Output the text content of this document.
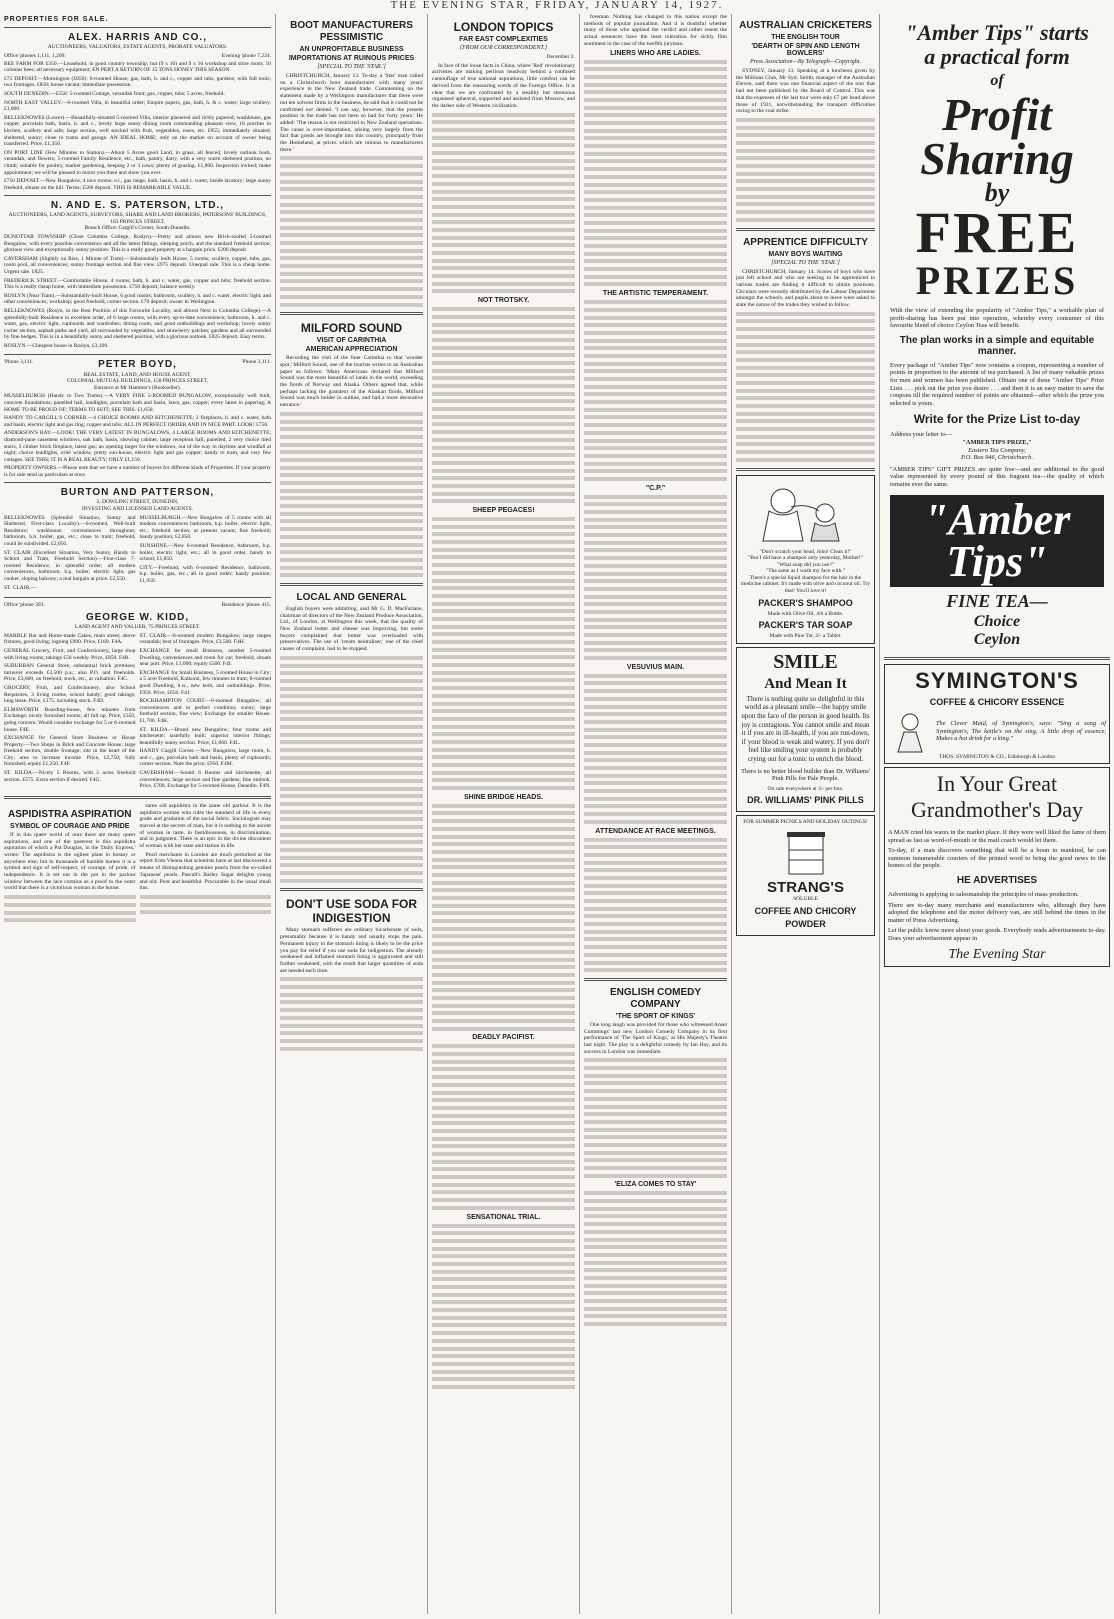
THE EVENING STAR, FRIDAY, JANUARY 14, 1927.
PROPERTIES FOR SALE.
ALEX. HARRIS AND CO.,
AUCTIONEERS, VALUATORS, ESTATE AGENTS, PROBATE VALUATORS.
Office 'phones 1,111, 1,200.	Evening 'phone 7,224.
BEE FARM FOR £350.—Leasehold, in good country township; hut (9 x 10) and 9 x 16 workshop and store room; 50 colonies bees; all necessary equipment; EN PERT A RETURN OF 15 TONS HONEY THIS SEASON.
£75 DEPOSIT.—Mornington (£850): 6-roomed House; gas, bath, h. and c., copper and tubs; gardens; with full tools; two frontages. £850; house vacant; immediate possession.
SOUTH DUNEDIN.—£550: 5-roomed Cottage, verandah front; gas, copper, tubs; 5 acres, freehold.
NORTH EAST VALLEY.—6-roomed Villa, in beautiful order; Empire papers, gas, bath, h. & c. water; large scullery. £1,000.
BELLEKNOWES (Lower).—Beautifully-situated 5-roomed Villa, interior plastered and richly papered; washhouse, gas copper, porcelain bath, basin, h. and c., lovely large sunny dining room commanding pleasant view, 16 porches in kitchen, scullery and safe; large section, well stocked with fruit, vegetables, roses, etc. £955; immediately situated, sheltered, sunny; close to trams and garage. AN IDEAL HOME; only on the market on account of owner being transferred. Price, £1,350.
ON PORT LINE (Few Minutes to Station).—About 5 Acres good Land, in grass, all fenced, lovely outlook bush, verandah, and flowers; 5-roomed Family Residence, etc., bath, pantry, dairy, with a very warm sheltered position, no climb; suitable for poultry, market gardening, keeping 2 or 3 cows; plenty of grazing. £1,800. Inspection invited; make appointment; we will be pleased to motor you there and show you over.
£750 DEPOSIT.—New Bungalow, 4 nice rooms; e.l., gas range, bath, basin, h. and c. water, inside lavatory; large sunny freehold, situate on the hill. Terms; £500 deposit. THIS IS REMARKABLE VALUE.
N. AND E. S. PATERSON, LTD.,
AUCTIONEERS, LAND AGENTS, SURVEYORS, SHARE AND LAND BROKERS, PATERSONS' BUILDINGS, 163 PRINCES STREET.
Branch Office: Cargill's Corner, South Dunedin.
DUNOTTAR TOWNSHIP (Close Columba College, Roslyn).—Pretty and almost new Brick-roofed 5-roomed Bungalow, with every possible convenience and all the latest fittings, sleeping porch, and the standard freehold section; glorious view and exceptionally sunny position. This is a really good property at a bargain price. £200 deposit.
CAVERSHAM (Slightly on Rise, 1 Minute of Tram).—Substantially built House, 5 rooms; scullery, copper, tubs, gas, room pool, all conveniences; sunny frontage section and fine view. £975 deposit. Unequal sale. This is a cheap home. Urgent sale. £825.
FREDERICK STREET.—Comfortable House, 4 rooms; bath, h. and c. water, gas, copper and tubs; freehold section. This is a really cheap home, with immediate possession. £750 deposit; balance weekly.
ROSLYN (Near Tram).—Substantially-built House, 6 good rooms; bathroom, scullery, h. and c. water, electric light, and other conveniences; workshop; good freehold, corner section. £70 deposit; owner in Wellington.
BELLEKNOWES (Rosyn, in the Best Position of this Favourite Locality, and almost Next to Columba College).—A splendidly-built Residence in excellent order, of 6 large rooms, with every up-to-date convenience; bathroom, h. and c. water, gas, electric light, cupboards and wardrobes; dining room, and good outbuildings and workshop; lovely sunny corner section, asphalt paths and yard, all surrounded by vegetables, and strawberry patches; gardens and all surrounded by fine hedges. This is in a beautifully sunny and sheltered position, with a glorious outlook. £825 deposit. Easy terms.
ROSLYN.—Cheapest house in Roslyn, £3,100.
'Phone 3,111.	PETER BOYD,	'Phone 3,111.
REAL ESTATE, LAND, AND HOUSE AGENT,
COLONIAL MUTUAL BUILDINGS, 158 PRINCES STREET,
Entrance at Mr Hammer's (Bookseller).
MUSSELBURGH (Handy to Two Trams).—A VERY FINE 5-ROOMED BUNGALOW, exceptionally well built, concrete foundations; panelled hall, leadlights, porcelain bath and basin, lawn, gas, copper; every latest in papering; A HOME TO BE PROUD OF; TERMS TO SUIT; SEE THIS. £1,650.
HANDY TO CARGILL'S CORNER.—4 CHOICE ROOMS AND KITCHENETTE; 2 fireplaces, h. and c. water, bath and basin, electric light and gas ring; copper and tubs; ALL IN PERFECT ORDER AND IN NICE PART. LOOK! £750.
ANDERSON'S BAY.—LOOK! THE VERY LATEST IN BUNGALOWS, 4 LARGE ROOMS AND KITCHENETTE; diamond-pane casement windows, oak bath, basin, showing cabinet, large reception hall, panelled, 2 very choice tiled stairs, 3 clinker brick fireplace, latest gas; an opening larger for the windows, out of the way in daytime and windfall at night; choice leadlights, oriel window, pretty sun-house, electric light and gas copper; handy to tram, and very few cottages. SEE THIS; IT IS A REAL BEAUTY; ONLY £1,150.
PROPERTY OWNERS.—Please note that we have a number of buyers for different kinds of Properties. If your property is for sale send us particulars at once.
BURTON AND PATTERSON,
2, DOWLING STREET, DUNEDIN,
INVESTING AND LICENSED LAND AGENTS.
BELLEKNOWES (Splendid Situation, Sunny and Sheltered, First-class Locality).—6-roomed, Well-built Residence; washhouse; conveniences throughout; bathroom, h.b. boiler, gas, etc.; close to tram; freehold, could be subdivided. £2,050.
ST. CLAIR (Excellent Situation, Very Sunny, Handy to School and Tram, Freehold Section).—First-class 7-roomed Residence, in splendid order; all modern conveniences, bathroom, h.p. boiler, electric light, gas cooker, sloping balcony; a real bargain at price. £2,550.
ST. CLAIR.—
MUSSELBURGH.—New Bungalow of 5 rooms with all modern conveniences bathroom, h.p. boiler, electric light, etc.; freehold section; at present vacant; fine freehold; handy position; £2,850.
SUNSHINE.—New 6-roomed Residence, bathroom, h.p. boiler, electric light, etc.; all in good order, handy to school; £1,850.
CITY.—Freehold, with 6-roomed Residence, bathroom, h.p. boiler, gas, etc.; all in good order; handy position; £1,950.
Office 'phone 393.	Residence 'phone 415.
GEORGE W. KIDD,
LAND AGENT AND VALUER, 75 PRINCES STREET.
MARBLE Bar and Home-made Cakes, main street; above fixtures, good living; ingoing £900. Price, £160. F4A.
GENERAL Grocery, Fruit, and Confectionery, large shop with living rooms; takings £50 weekly. Price, £850. F4B.
SUBURBAN General Store, substantial brick premises; turnover exceeds £3,500 p.a.; also P.O. and freeholds. Price, £3,600, on freehold; stock, etc., at valuation. F4C.
GROCERY, Fruit, and Confectionery, also School Requisites; 3 living rooms, school handy; good takings; long lease. Price, £175, including stock. F4D.
ELMSWORTH Boarding-house, few minutes from Exchange; nicely furnished rooms; all full up. Price, £350, going concern. Would consider exchange for 5 or 6-roomed house. F4E.
EXCHANGE for General Store Business or House Property.—Two Shops in Brick and Concrete House; large freehold section, double frontage; site in the heart of the City; area to increase income. Price, £2,750; fully furnished; equity £1,250. F4F.
ST. KILDA.—Nicely 5 Rooms, with 5 acres freehold section. £575. Extra section if desired. F4G.
ST. CLAIR.—6-roomed modern Bungalow; large ranges verandah; best of frontages. Price, £3,500. F4H.
EXCHANGE for small Business, another 5-roomed Dwelling, conveniences and room for car; freehold, situate near port. Price, £1,000; equity £500. F4I.
EXCHANGE for Small Business, 5 roomed House in City; a 5 acre Freehold, Kaikorai, few minutes to tram; 6-roomed good Dwelling, h.w., new kerb, and outbuildings. Price, £950. Price, £650. F4J.
ROCKHAMPTON COURT.—6-roomed Bungalow; all conveniences and in perfect condition; sunny; large freehold section, fine view; Exchange for smaller House. £1,700. F4K.
ST. KILDA.—Brand new Bungalow; four rooms and kitchenette; tastefully built; superior interior fittings; beautifully sunny section. Price, £1,060. F4L.
HANDY Cargill Corner.—New Bungalow, large room, h. and c., gas, porcelain bath and basin, plenty of cupboards; corner section. Note the price, £950. F4M.
CAVERSHAM.—Sound 6 Rooms and kitchenette, all conveniences; large section and fine gardens; fine outlook. Price, £700. Exchange for 5-roomed House, Dunedin. F4N.
ASPIDISTRA ASPIRATION
SYMBOL OF COURAGE AND PRIDE
If in this queer world of ours there are many queer aspirations, and one of the queerest is this aspidistra aspiration of which a Pat Douglas, in the 'Daily Express,' writes: The aspidistra is the ugliest plant in botany or anywhere else; but in thousands of humble homes it is a symbol and sign of self-respect, of courage, of pride, of independence. It is set out in the pot in the parlour window between the lace curtains as a proof to the outer world that there is a victorious woman in the house.
same old aspidistra in the same old parlour. It is the aspidistra woman who rides the standard of life in every grade and gradation of the social fabric. Sociologists may marvel at the secrets of man, but it is nothing to the ascent of woman in taste, in fastidiousness, in discrimination, and in judgment. There is an epic in the divine discontent of woman with her state and station in life.
Pearl merchants in London are much perturbed at the report from Vienna that scientists have at last discovered a means of distinguishing genuine pearls from the so-called 'Japanese' pearls. Pascall's Barley Sugar delights young and old. Pure and healthful. Procurable in the usual small tins.
BOOT MANUFACTURERS PESSIMISTIC
AN UNPROFITABLE BUSINESS
IMPORTATIONS AT RUINOUS PRICES
[SPECIAL TO THE 'STAR.']
CHRISTCHURCH, January 13. To-day a 'Star' man called on a Christchurch boot manufacturer with many years' experience in the New Zealand trade. Commenting on the statement made by a Wellington manufacturer that there were not ten solvent firms in the business, he said that it could not be confirmed nor denied. 'I can say, however, that the present position in the trade has not been so bad for forty years.' He added: 'The reason is not restricted to New Zealand operations. The cause is over-importation, arising very largely from the fact that goods are brought into this country, principally from the Homeland, at prices which are ruinous to manufacturers there.'
MILFORD SOUND
VISIT OF CARINTHIA
AMERICAN APPRECIATION
Recording the visit of the liner Carinthia to that 'wonder spot,' Milford Sound, one of the tourists writes to an Australian paper as follows: 'Many Americans declared that Milford Sound was the most beautiful of lands in the world, exceeding the fiords of Norway and Alaska. Others agreed that, while perhaps lacking the grandeur of the Alaskan fiords, Milford Sound was much bolder in outline, and had a more decorative entrance.'
LOCAL AND GENERAL
English buyers were admitting, said Mr G. D. MacFarlane, chairman of directors of the New Zealand Produce Association, Ltd., of London, at Wellington this week, that the quality of New Zealand butter and cheese was improving, but some buyers complained that butter was overloaded with preservatives. The use of 'cream neutraliser,' one of the chief causes of complaint, had to be stopped.
DON'T USE SODA FOR INDIGESTION
Many stomach sufferers are ordinary bicarbonate of soda, presumably because it is handy and usually stops the pain. Permanent injury to the stomach lining is likely to be the price you pay for relief if you use soda for indigestion. The already weakened and inflamed stomach lining is aggravated and still further weakened, with the result that larger quantities of soda are needed each time.
LONDON TOPICS
FAR EAST COMPLEXITIES
[FROM OUR CORRESPONDENT.]
December 2.
In face of the loose facts in China, where 'Red' revolutionary activities are making perilous headway behind a confused camouflage of true national aspirations, little comfort can be derived from the reassuring words of the Foreign Office. It is clear that we are confronted by a stealthy but strenuous organised upheaval, supported and assisted from Moscow, and the darker side of Western civilisation.
NOT TROTSKY.
SHEEP PEGACES!
SHINE BRIDGE HEADS.
DEADLY PACIFIST.
SENSATIONAL TRIAL.
foreman. Nothing has changed in this nation except the methods of popular journalism. And it is doubtful whether many of those who applaud the verdict and rather resent the actual sentences have the least toleration for sickly film sentiment in the case of the twelfth juryman.
LINERS WHO ARE LADIES.
THE ARTISTIC TEMPERAMENT.
"C.P."
VESUVIUS MAIN.
ATTENDANCE AT RACE MEETINGS.
ENGLISH COMEDY COMPANY
'THE SPORT OF KINGS'
One long laugh was provided for those who witnessed Ansel Cummings' last new London Comedy Company in its first performance of 'The Sport of Kings,' at His Majesty's Theatre last night. The play is a delightful comedy by Ian Hay, and its success in London was immediate.
'ELIZA COMES TO STAY'
AUSTRALIAN CRICKETERS
THE ENGLISH TOUR
'DEARTH OF SPIN AND LENGTH BOWLERS'
Press Association—By Telegraph—Copyright.
SYDNEY, January 13. Speaking at a luncheon given by the Millions Club, Mr Syd. Smith, manager of the Australian Eleven, said there was one financial aspect of the tour that had not been published by the Board of Control. This was that the expenses of the last tour were only £7 per head above those of 1921, notwithstanding the transport difficulties owing to the coal strike.
APPRENTICE DIFFICULTY
MANY BOYS WAITING
[SPECIAL TO THE 'STAR.']
CHRISTCHURCH, January 14. Scores of boys who have just left school and who are seeking to be apprenticed to various trades are finding it difficult to obtain positions. Circulars were recently distributed by the Labour Department amongst the schools, and pupils about to leave were asked to state the nature of the trades they wished to follow.
"Don't scratch your head, John! Clean it!"
"But I did have a shampoo only yesterday, Mother!"
"What soap did you use?"
"The same as I wash my face with."
There's a special liquid shampoo for the hair in the medicine cabinet. It's made with olive and coconut oil. Try that! You'll love it!
PACKER'S SHAMPOO
Made with Olive Oil, 4/6 a Bottle.
PACKER'S TAR SOAP
Made with Pine Tar, 2/- a Tablet.
SMILE
And Mean It
There is nothing quite so delightful in this world as a pleasant smile—the happy smile upon the face of the person in good health. Its joy is contagious. You cannot smile and mean it if you are in ill-health, if you are run-down, if your blood is weak and watery. If you don't feel like smiling your system is probably crying out for a tonic to enrich the blood.
There is no better blood builder than Dr. Williams' Pink Pills for Pale People.
On sale everywhere at 3/- per box.
DR. WILLIAMS' PINK PILLS
FOR SUMMER PICNICS AND HOLIDAY OUTINGS!
STRANG'S
SOLUBLE
COFFEE AND CHICORY
POWDER
"Amber Tips" starts
a practical form
of
Profit
Sharing
by
FREE
PRIZES
With the view of extending the popularity of "Amber Tips," a workable plan of profit-sharing has been put into operation, whereby every consumer of this favourite blend of choice Ceylon Teas will benefit.
The plan works in a simple and equitable manner.
Every package of "Amber Tips" now contains a coupon, representing a number of points in proportion to the amount of tea purchased. A list of many valuable prizes for men and women has been published. Obtain one of these "Amber Tips" Prize Lists . . . pick out the prize you desire . . . and then it is an easy matter to save the coupons till the required number of points are obtained—after which the prize you selected is yours.
Write for the Prize List to-day
Address your letter to—
"AMBER TIPS PRIZE,"
Eastern Tea Company,
P.O. Box 946, Christchurch.
"AMBER TIPS" GIFT PRIZES are quite free—and are additional to the good value represented by every pound of this fragrant tea—the quality of which remains ever the same.
"Amber
Tips"
FINE TEA—
Choice
Ceylon
SYMINGTON'S
COFFEE & CHICORY ESSENCE
The Clever Maid, of Symington's, says: "Sing a song of Symington's, The kettle's on the sing, A little drop of essence, Makes a hot drink for a king."
THOS. SYMINGTON & CO., Edinburgh & London
In Your Great
Grandmother's Day
A MAN cried his wares in the market place. If they were well liked the fame of them spread as fast as word-of-mouth or the mail coach would let them.
To-day, if a man discovers something that will be a boon to mankind, he can summon innumerable couriers of the printed word to bring the good news to the homes of the people.
HE ADVERTISES
Advertising is applying to salesmanship the principles of mass production.
There are to-day many merchants and manufacturers who, although they have adopted the telephone and the motor delivery van, are still behind the times in the matter of Press Advertising.
Let the public know more about your goods. Everybody reads advertisements to-day. Does your advertisement appear in
The Evening Star
